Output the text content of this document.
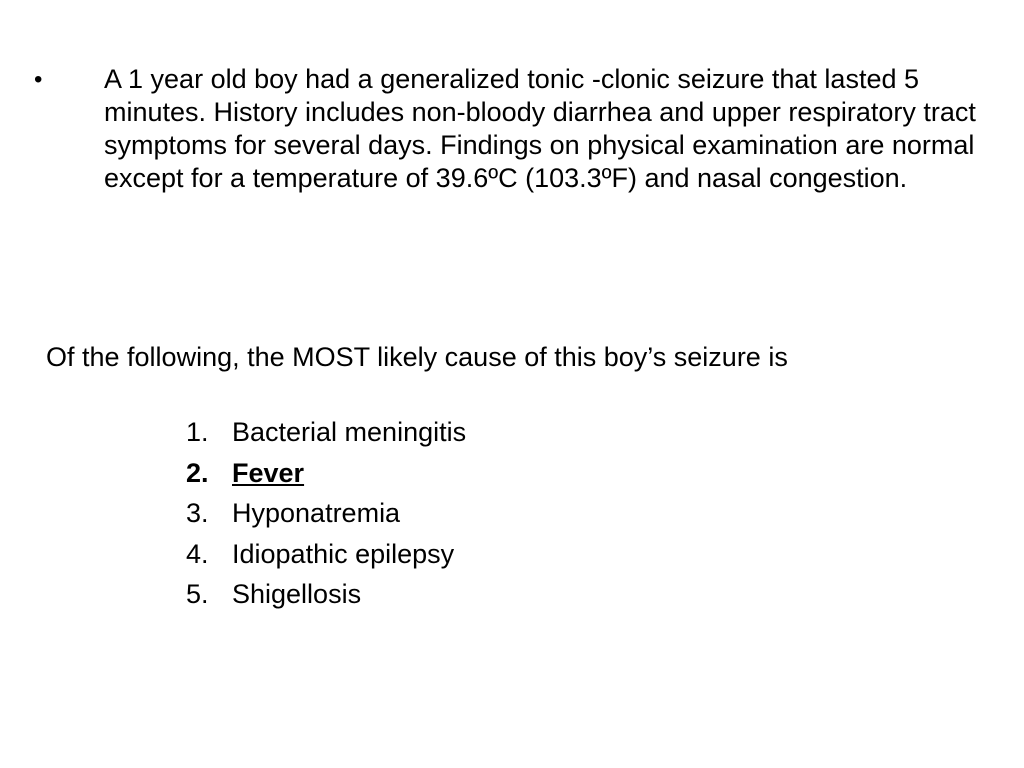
•	A 1 year old boy had a generalized tonic -clonic seizure that lasted 5 minutes. History includes non-bloody diarrhea and upper respiratory tract symptoms for several days. Findings on physical examination are normal except for a temperature of 39.6ºC (103.3ºF) and nasal congestion.
Of the following, the MOST likely cause of this boy’s seizure is
1. Bacterial meningitis
2. Fever
3. Hyponatremia
4. Idiopathic epilepsy
5. Shigellosis
